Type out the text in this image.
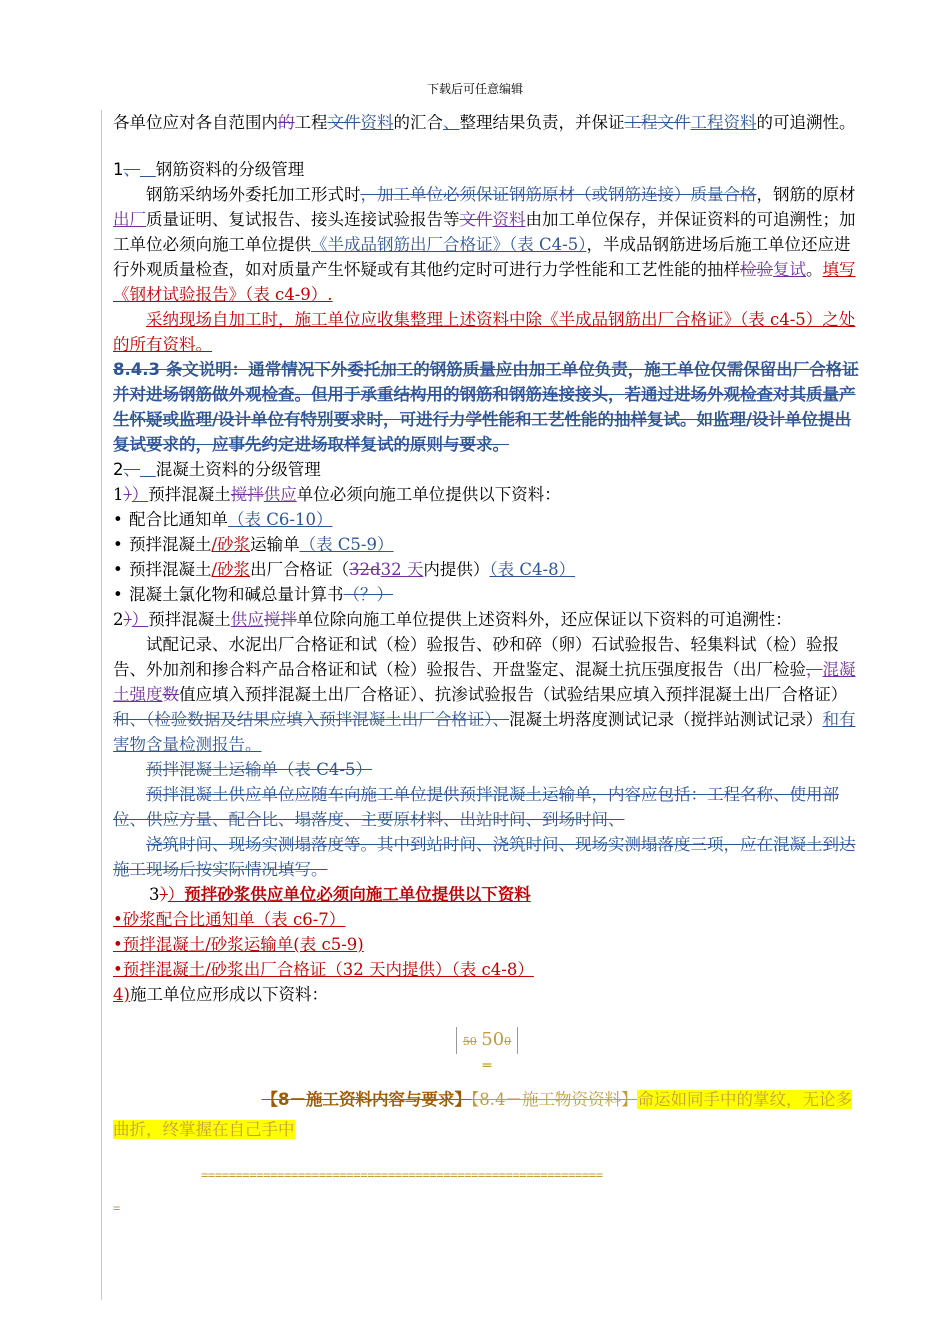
下载后可任意编辑

各单位应对各自范围内的工程文件资料的汇合、整理结果负责，并保证工程文件工程资料的可追溯性。

1、 钢筋资料的分级管理

钢筋采纳场外委托加工形式时，加工单位必须保证钢筋原材（或钢筋连接）质量合格，钢筋的原材出厂质量证明、复试报告、接头连接试验报告等文件资料由加工单位保存，并保证资料的可追溯性；加工单位必须向施工单位提供《半成品钢筋出厂合格证》（表 C4-5），半成品钢筋进场后施工单位还应进行外观质量检查，如对质量产生怀疑或有其他约定时可进行力学性能和工艺性能的抽样检验复试。填写《钢材试验报告》（表 c4-9）.

采纳现场自加工时，施工单位应收集整理上述资料中除《半成品钢筋出厂合格证》（表 c4-5）之处的所有资料。

8.4.3 条文说明：通常情况下外委托加工的钢筋质量应由加工单位负责，施工单位仅需保留出厂合格证并对进场钢筋做外观检查。但用于承重结构用的钢筋和钢筋连接接头，若通过进场外观检查对其质量产生怀疑或监理/设计单位有特别要求时，可进行力学性能和工艺性能的抽样复试。如监理/设计单位提出复试要求的，应事先约定进场取样复试的原则与要求。

2、 混凝土资料的分级管理

1））预拌混凝土搅拌供应单位必须向施工单位提供以下资料：

• 配合比通知单（表 C6-10）

• 预拌混凝土/砂浆运输单（表 C5-9）

• 预拌混凝土/砂浆出厂合格证（32d32 天内提供）（表 C4-8）

• 混凝土氯化物和碱总量计算书（？）

2））预拌混凝土供应搅拌单位除向施工单位提供上述资料外，还应保证以下资料的可追溯性：

试配记录、水泥出厂合格证和试（检）验报告、砂和碎（卵）石试验报告、轻集料试（检）验报告、外加剂和掺合料产品合格证和试（检）验报告、开盘鉴定、混凝土抗压强度报告（出厂检验，混凝土强度数值应填入预拌混凝土出厂合格证）、抗渗试验报告（试验结果应填入预拌混凝土出厂合格证）和、（检验数据及结果应填入预拌混凝土出厂合格证）、混凝土坍落度测试记录（搅拌站测试记录）和有害物含量检测报告。

预拌混凝土运输单（表 C4-5）

预拌混凝土供应单位应随车向施工单位提供预拌混凝土运输单，内容应包括：工程名称、使用部位、供应方量、配合比、塌落度、主要原材料、出站时间、到场时间、

浇筑时间、现场实测塌落度等。其中到站时间、浇筑时间、现场实测塌落度三项，应在混凝土到达施工现场后按实际情况填写。

3））预拌砂浆供应单位必须向施工单位提供以下资料

•砂浆配合比通知单（表 c6-7）

•预拌混凝土/砂浆运输单(表 c5-9)

•预拌混凝土/砂浆出厂合格证（32 天内提供）（表 c4-8）

4)施工单位应形成以下资料：

50 500
═

【8－施工资料内容与要求】【8.4－施工物资资料】命运如同手中的掌纹，无论多曲折，终掌握在自己手中

==========================================================

=
